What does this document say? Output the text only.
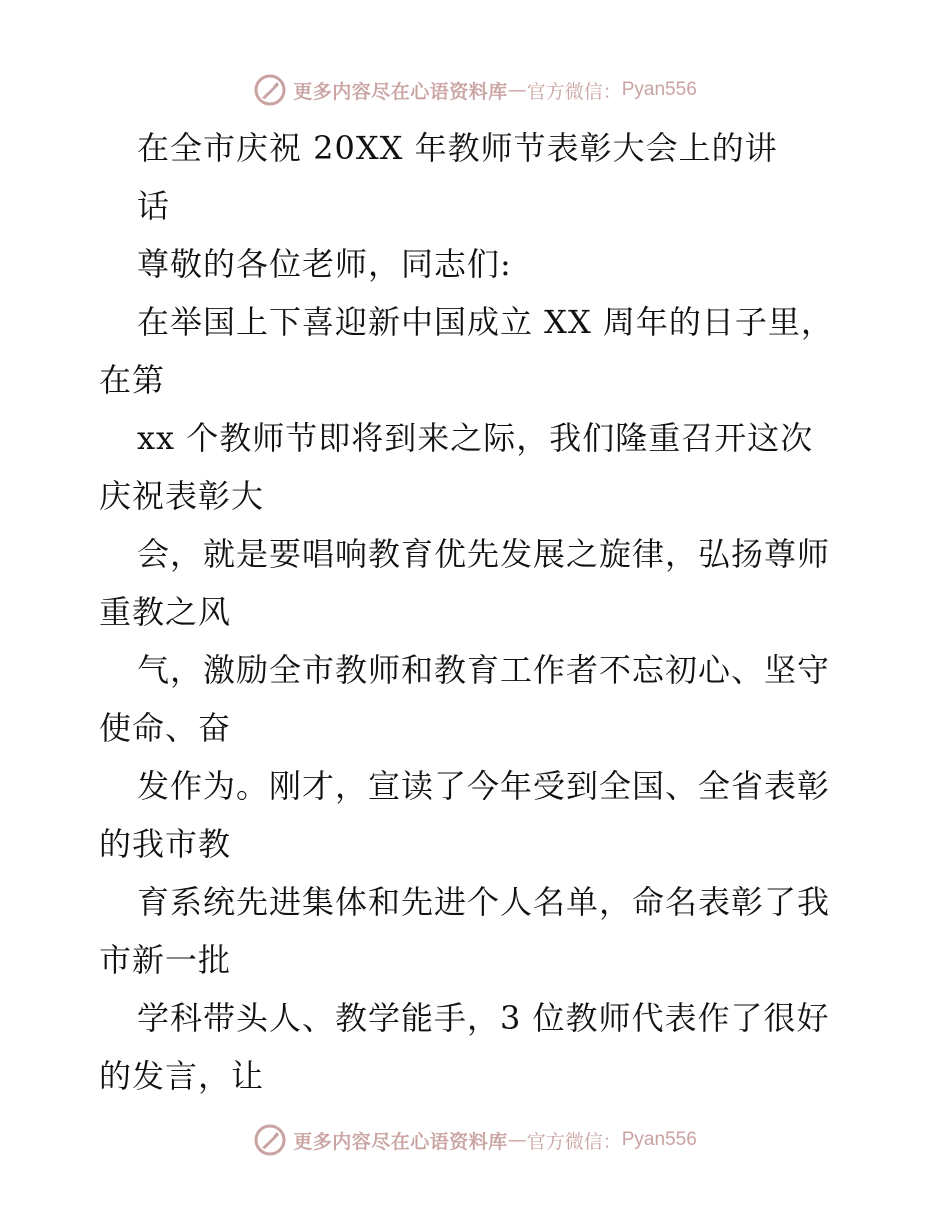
更多内容尽在心语资料库 — 官方微信： Pyan556
在全市庆祝 20XX 年教师节表彰大会上的讲
话
尊敬的各位老师，同志们:
在举国上下喜迎新中国成立 XX 周年的日子里，
在第
xx 个教师节即将到来之际，我们隆重召开这次
庆祝表彰大
会，就是要唱响教育优先发展之旋律，弘扬尊师
重教之风
气，激励全市教师和教育工作者不忘初心、坚守
使命、奋
发作为。刚才，宣读了今年受到全国、全省表彰
的我市教
育系统先进集体和先进个人名单，命名表彰了我
市新一批
学科带头人、教学能手，3 位教师代表作了很好
的发言，让
更多内容尽在心语资料库 — 官方微信： Pyan556
